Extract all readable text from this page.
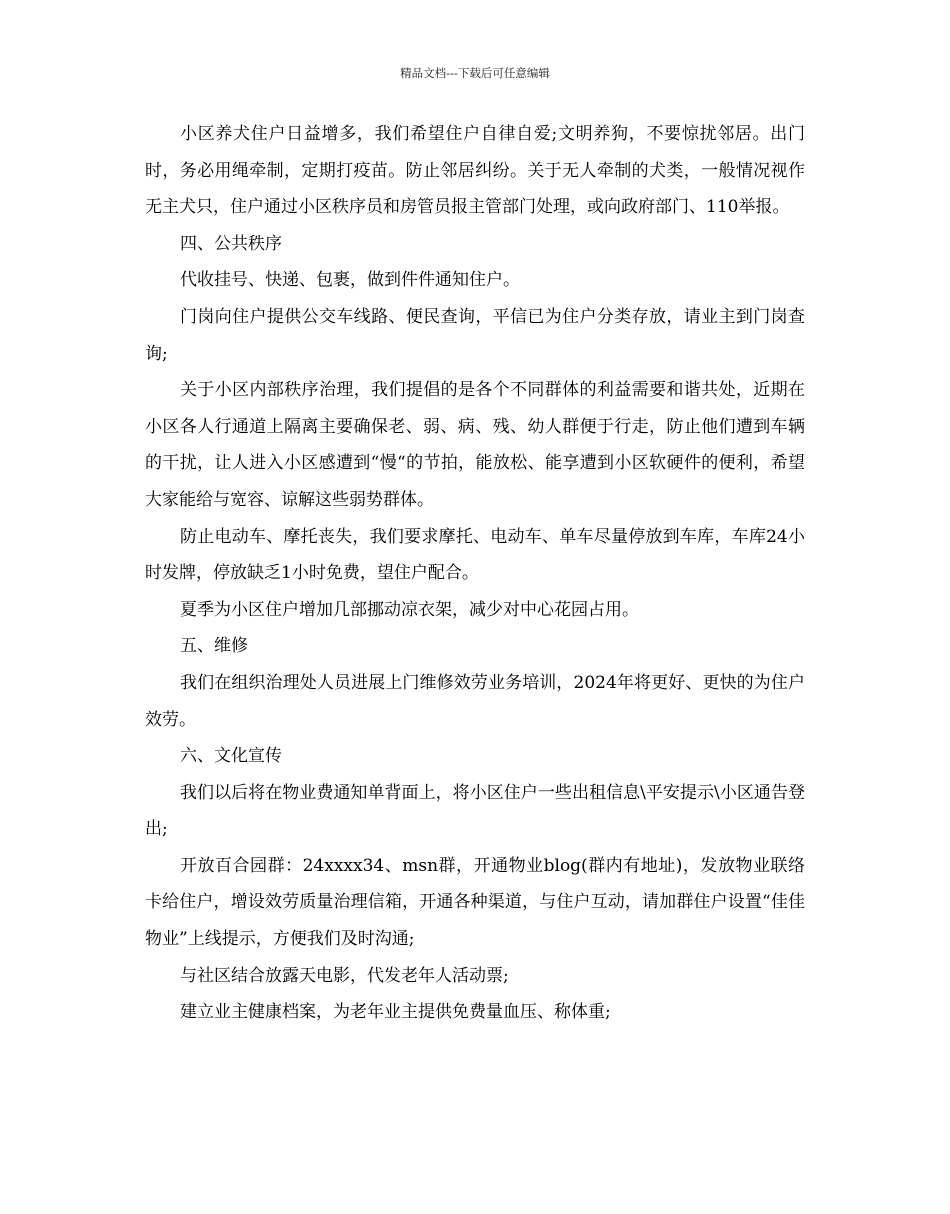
精品文档---下载后可任意编辑

小区养犬住户日益增多，我们希望住户自律自爱;文明养狗，不要惊扰邻居。出门时，务必用绳牵制，定期打疫苗。防止邻居纠纷。关于无人牵制的犬类，一般情况视作无主犬只，住户通过小区秩序员和房管员报主管部门处理，或向政府部门、110举报。

四、公共秩序

代收挂号、快递、包裹，做到件件通知住户。

门岗向住户提供公交车线路、便民查询，平信已为住户分类存放，请业主到门岗查询;

关于小区内部秩序治理，我们提倡的是各个不同群体的利益需要和谐共处，近期在小区各人行通道上隔离主要确保老、弱、病、残、幼人群便于行走，防止他们遭到车辆的干扰，让人进入小区感遭到“慢“的节拍，能放松、能享遭到小区软硬件的便利，希望大家能给与宽容、谅解这些弱势群体。

防止电动车、摩托丧失，我们要求摩托、电动车、单车尽量停放到车库，车库24小时发牌，停放缺乏1小时免费，望住户配合。

夏季为小区住户增加几部挪动凉衣架，减少对中心花园占用。

五、维修

我们在组织治理处人员进展上门维修效劳业务培训，2024年将更好、更快的为住户效劳。

六、文化宣传

我们以后将在物业费通知单背面上，将小区住户一些出租信息\平安提示\小区通告登出;

开放百合园群：24xxxx34、msn群，开通物业blog(群内有地址)，发放物业联络卡给住户，增设效劳质量治理信箱，开通各种渠道，与住户互动，请加群住户设置“佳佳物业”上线提示，方便我们及时沟通;

与社区结合放露天电影，代发老年人活动票;

建立业主健康档案，为老年业主提供免费量血压、称体重;
